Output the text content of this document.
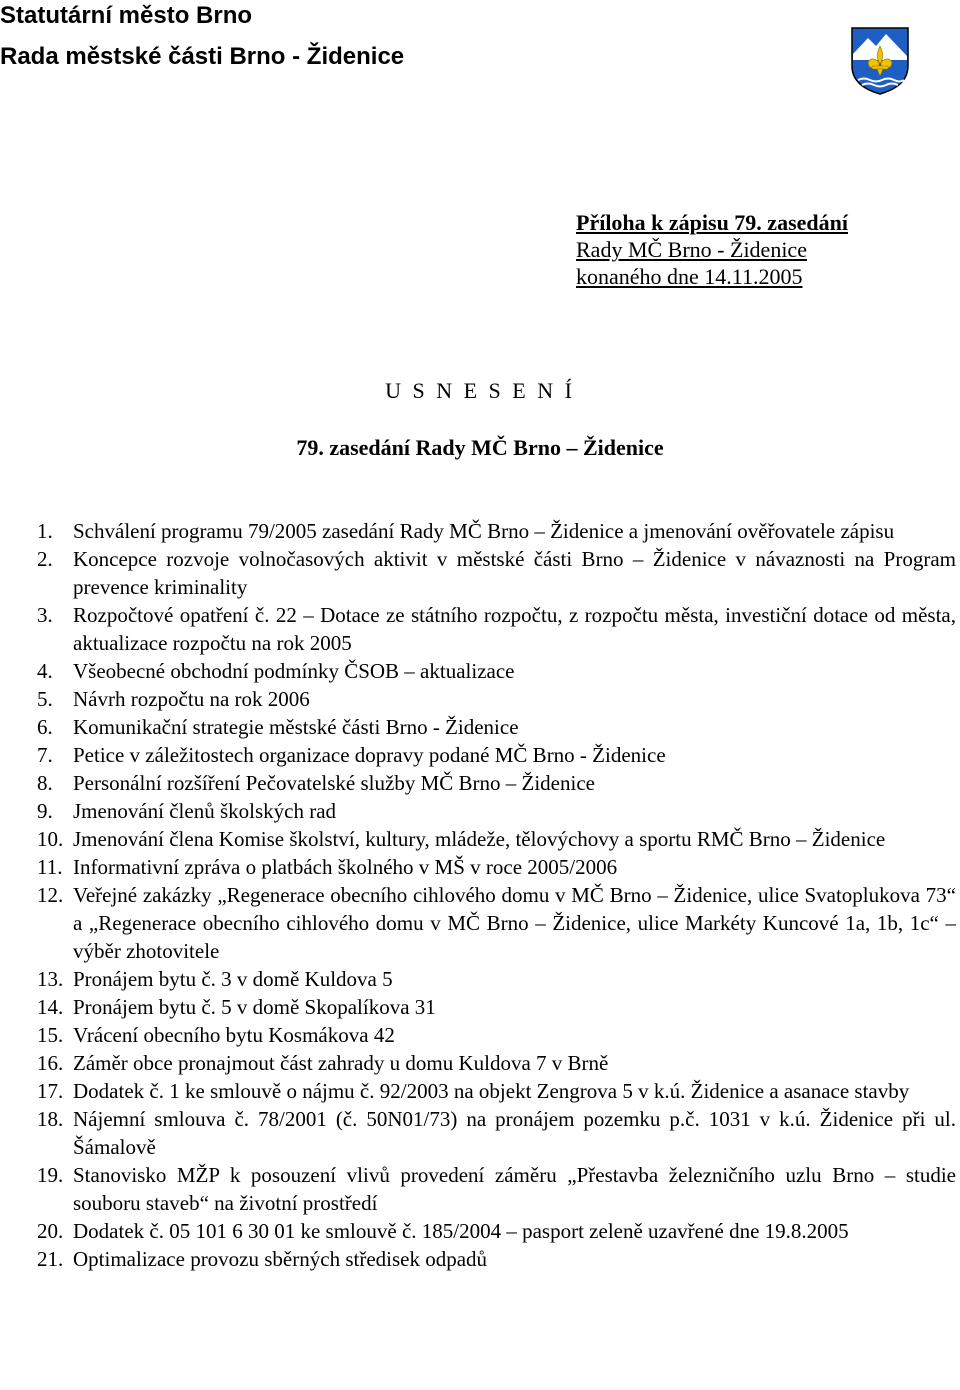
Statutární město Brno
Rada městské části Brno - Židenice
Příloha k zápisu 79. zasedání
Rady MČ Brno - Židenice
konaného dne 14.11.2005
U S N E S E N Í
79. zasedání Rady MČ Brno – Židenice
1. Schválení programu 79/2005 zasedání Rady MČ Brno – Židenice a jmenování ověřovatele zápisu
2. Koncepce rozvoje volnočasových aktivit v městské části Brno – Židenice v návaznosti na Program prevence kriminality
3. Rozpočtové opatření č. 22 – Dotace ze státního rozpočtu, z rozpočtu města, investiční dotace od města, aktualizace rozpočtu na rok 2005
4. Všeobecné obchodní podmínky ČSOB – aktualizace
5. Návrh rozpočtu na rok 2006
6. Komunikační strategie městské části Brno - Židenice
7. Petice v záležitostech organizace dopravy podané MČ Brno - Židenice
8. Personální rozšíření Pečovatelské služby MČ Brno – Židenice
9. Jmenování členů školských rad
10. Jmenování člena Komise školství, kultury, mládeže, tělovýchovy a sportu RMČ Brno – Židenice
11. Informativní zpráva o platbách školného v MŠ v roce 2005/2006
12. Veřejné zakázky „Regenerace obecního cihlového domu v MČ Brno – Židenice, ulice Svatoplukova 73“ a „Regenerace obecního cihlového domu v MČ Brno – Židenice, ulice Markéty Kuncové 1a, 1b, 1c“ – výběr zhotovitele
13. Pronájem bytu č. 3 v domě Kuldova 5
14. Pronájem bytu č. 5 v domě Skopalíkova 31
15. Vrácení obecního bytu Kosmákova 42
16. Záměr obce pronajmout část zahrady u domu Kuldova 7 v Brně
17. Dodatek č. 1 ke smlouvě o nájmu č. 92/2003 na objekt Zengrova 5 v k.ú. Židenice a asanace stavby
18. Nájemní smlouva č. 78/2001 (č. 50N01/73) na pronájem pozemku p.č. 1031 v k.ú. Židenice při ul. Šámalově
19. Stanovisko MŽP k posouzení vlivů provedení záměru „Přestavba železničního uzlu Brno – studie souboru staveb“ na životní prostředí
20. Dodatek č. 05 101 6 30 01 ke smlouvě č. 185/2004 – pasport zeleně uzavřené dne 19.8.2005
21. Optimalizace provozu sběrných středisek odpadů
